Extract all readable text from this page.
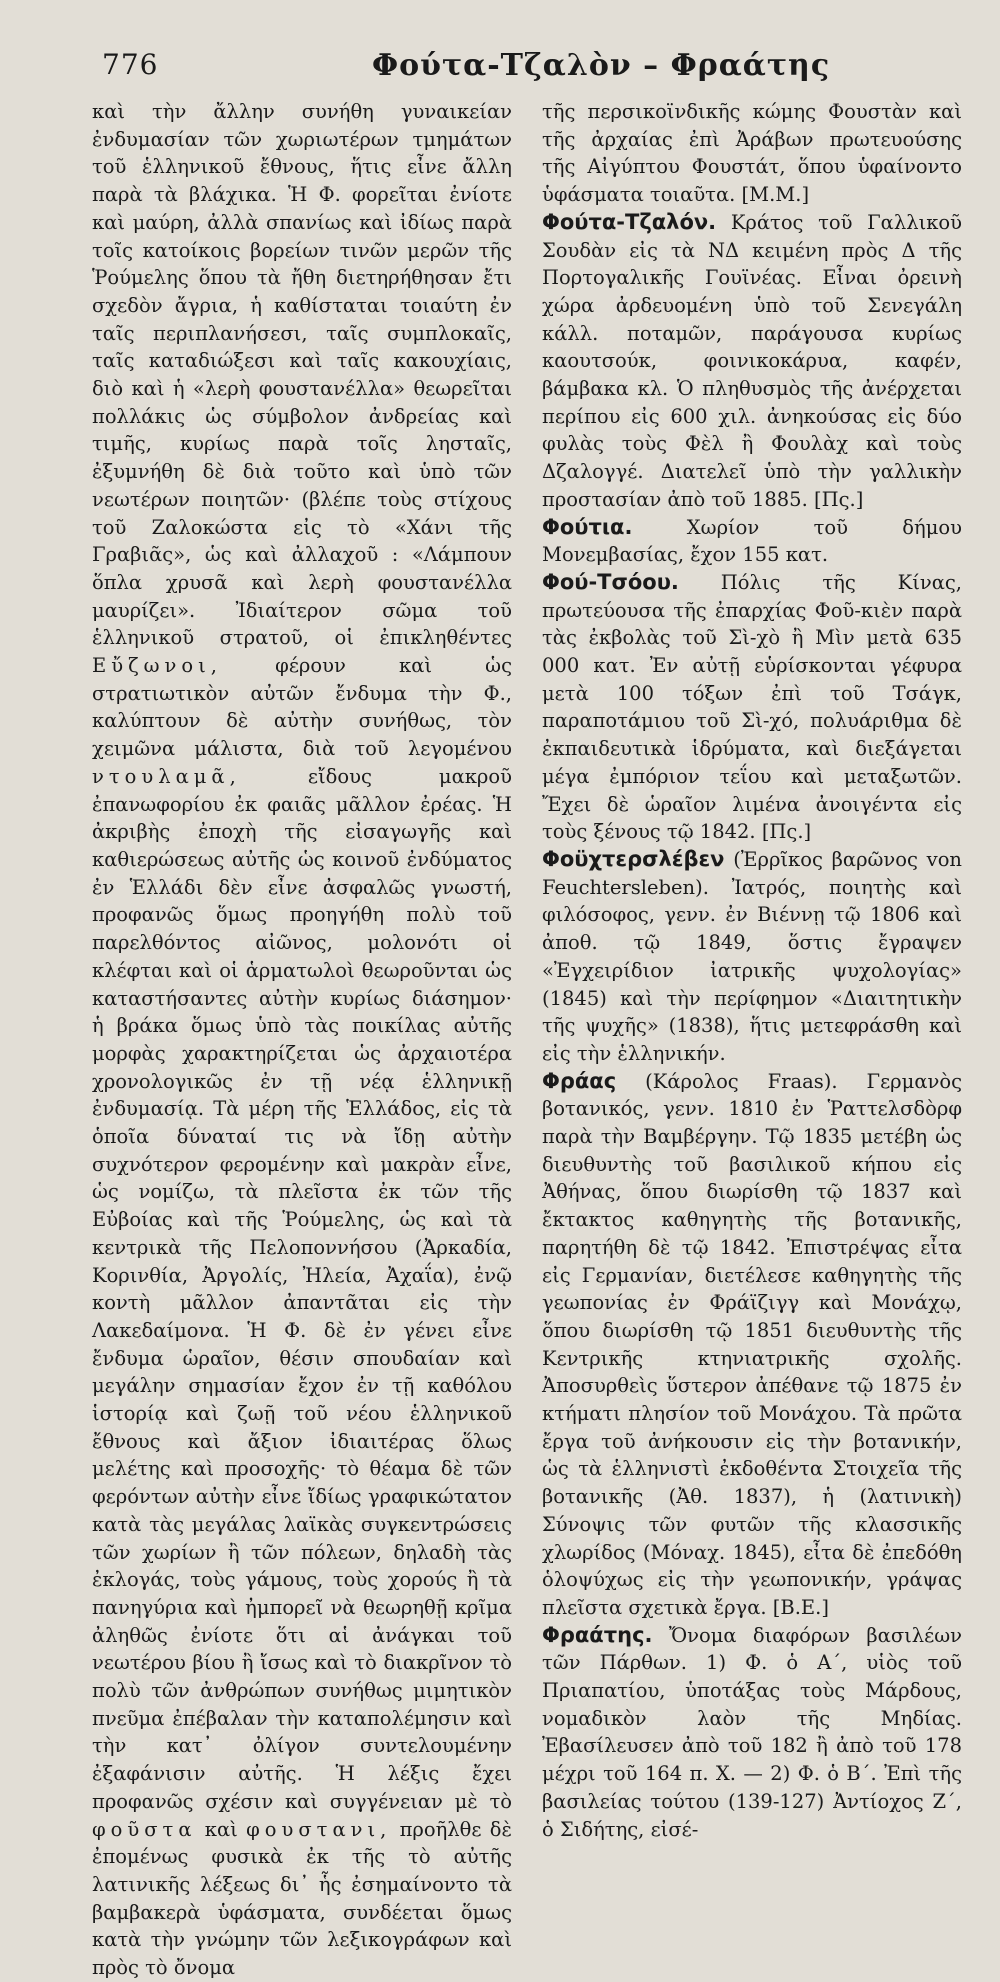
776	Φούτα-Τζαλὸν – Φραάτης

καὶ τὴν ἄλλην συνήθη γυναικείαν ἐνδυμασίαν τῶν χωριωτέρων τμημάτων τοῦ ἑλληνικοῦ ἔθνους, ἥτις εἶνε ἄλλη παρὰ τὰ βλάχικα. Ἡ Φ. φορεῖται ἐνίοτε καὶ μαύρη, ἀλλὰ σπανίως καὶ ἰδίως παρὰ τοῖς κατοίκοις βορείων τινῶν μερῶν τῆς Ῥούμελης ὅπου τὰ ἤθη διετηρήθησαν ἔτι σχεδὸν ἄγρια, ἡ καθίσταται τοιαύτη ἐν ταῖς περιπλανήσεσι, ταῖς συμπλοκαῖς, ταῖς καταδιώξεσι καὶ ταῖς κακουχίαις, διὸ καὶ ἡ «λερὴ φουστανέλλα» θεωρεῖται πολλάκις ὡς σύμβολον ἀνδρείας καὶ τιμῆς, κυρίως παρὰ τοῖς λησταῖς, ἐξυμνήθη δὲ διὰ τοῦτο καὶ ὑπὸ τῶν νεωτέρων ποιητῶν· (βλέπε τοὺς στίχους τοῦ Ζαλοκώστα εἰς τὸ «Χάνι τῆς Γραβιᾶς», ὡς καὶ ἀλλαχοῦ : «Λάμπουν ὅπλα χρυσᾶ καὶ λερὴ φουστανέλλα μαυρίζει». Ἰδιαίτερον σῶμα τοῦ ἑλληνικοῦ στρατοῦ, οἱ ἐπικληθέντες Εὔζωνοι,	φέρουν καὶ ὡς στρατιωτικὸν αὐτῶν ἔνδυμα τὴν Φ., καλύπτουν δὲ αὐτὴν συνήθως, τὸν χειμῶνα μάλιστα, διὰ τοῦ λεγομένου ντουλαμᾶ,	εἴδους μακροῦ ἐπανωφορίου ἐκ φαιᾶς μᾶλλον ἐρέας. Ἡ ἀκριβὴς ἐποχὴ τῆς εἰσαγωγῆς καὶ καθιερώσεως αὐτῆς ὡς κοινοῦ ἐνδύματος ἐν Ἑλλάδι δὲν εἶνε ἀσφαλῶς γνωστή, προφανῶς ὅμως προηγήθη πολὺ τοῦ παρελθόντος αἰῶνος, μολονότι οἱ κλέφται καὶ οἱ ἁρματωλοὶ θεωροῦνται ὡς καταστήσαντες αὐτὴν κυρίως διάσημον· ἡ βράκα ὅμως ὑπὸ τὰς ποικίλας αὐτῆς μορφὰς χαρακτηρίζεται ὡς ἀρχαιοτέρα χρονολογικῶς ἐν τῇ νέᾳ ἑλληνικῇ ἐνδυμασίᾳ. Τὰ μέρη τῆς Ἑλλάδος, εἰς τὰ ὁποῖα δύναταί τις νὰ ἴδῃ αὐτὴν συχνότερον φερομένην καὶ μακρὰν εἶνε, ὡς νομίζω, τὰ πλεῖστα ἐκ τῶν τῆς Εὐβοίας καὶ τῆς Ῥούμελης, ὡς καὶ τὰ κεντρικὰ τῆς Πελοποννήσου (Ἀρκαδία, Κορινθία, Ἀργολίς, Ἠλεία, Ἀχαΐα), ἐνῷ κοντὴ μᾶλλον ἀπαντᾶται εἰς τὴν Λακεδαίμονα. Ἡ Φ. δὲ ἐν γένει εἶνε ἔνδυμα ὡραῖον, θέσιν σπουδαίαν καὶ μεγάλην σημασίαν ἔχον ἐν τῇ καθόλου ἱστορίᾳ καὶ ζωῇ τοῦ νέου ἑλληνικοῦ ἔθνους καὶ ἄξιον ἰδιαιτέρας ὅλως μελέτης καὶ προσοχῆς· τὸ θέαμα δὲ τῶν φερόντων αὐτὴν εἶνε ἴδίως γραφικώτατον κατὰ τὰς μεγάλας λαϊκὰς συγκεντρώσεις τῶν χωρίων ἢ τῶν πόλεων, δηλαδὴ τὰς ἐκλογάς, τοὺς γάμους, τοὺς χορούς ἢ τὰ πανηγύρια καὶ ἠμπορεῖ νὰ θεωρηθῇ κρῖμα ἀληθῶς ἐνίοτε ὅτι αἱ ἀνάγκαι τοῦ νεωτέρου βίου ἢ ἴσως καὶ τὸ διακρῖνον τὸ πολὺ τῶν ἀνθρώπων συνήθως μιμητικὸν πνεῦμα ἐπέβαλαν τὴν καταπολέμησιν καὶ τὴν κατ᾽ ὀλίγον συντελουμένην ἐξαφάνισιν αὐτῆς. Ἡ λέξις ἔχει προφανῶς σχέσιν καὶ συγγένειαν μὲ τὸ φοῦστα καὶ φουστανι, προῆλθε δὲ ἐπομένως φυσικὰ ἐκ τῆς τὸ αὐτῆς λατινικῆς λέξεως δι᾽ ἧς ἐσημαίνοντο τὰ βαμβακερὰ ὑφάσματα, συνδέεται ὅμως κατὰ τὴν γνώμην τῶν λεξικογράφων καὶ πρὸς τὸ ὄνομα

τῆς περσικοϊνδικῆς κώμης Φουστὰν καὶ τῆς ἀρχαίας ἐπὶ Ἀράβων πρωτευούσης τῆς Αἰγύπτου Φουστάτ, ὅπου ὑφαίνοντο ὑφάσματα τοιαῦτα. [Μ.Μ.]

Φούτα-Τζαλόν. Κράτος τοῦ Γαλλικοῦ Σουδὰν εἰς τὰ ΝΔ κειμένη πρὸς Δ τῆς Πορτογαλικῆς Γουϊνέας. Εἶναι ὀρεινὴ χώρα ἀρδευομένη ὑπὸ τοῦ Σενεγάλη κάλλ. ποταμῶν, παράγουσα κυρίως καουτσούκ, φοινικοκάρυα, καφέν, βάμβακα κλ. Ὁ πληθυσμὸς τῆς ἀνέρχεται περίπου εἰς 600 χιλ. ἀνηκούσας εἰς δύο φυλὰς τοὺς Φὲλ ἢ Φουλὰχ καὶ τοὺς Δζαλογγέ. Διατελεῖ ὑπὸ τὴν γαλλικὴν προστασίαν ἀπὸ τοῦ 1885. [Πς.]

Φούτια.	Χωρίον τοῦ δήμου Μονεμβασίας, ἔχον 155 κατ.

Φού-Τσόου. Πόλις τῆς Κίνας, πρωτεύουσα τῆς ἐπαρχίας Φοῦ-κιὲν παρὰ τὰς ἐκβολὰς τοῦ Σὶ-χὸ ἢ Μὶν μετὰ 635 000 κατ. Ἐν αὐτῇ εὑρίσκονται γέφυρα μετὰ 100 τόξων ἐπὶ τοῦ Τσάγκ, παραποτάμιου τοῦ Σὶ-χό, πολυάριθμα δὲ ἐκπαιδευτικὰ ἱδρύματα, καὶ διεξάγεται μέγα ἐμπόριον τεΐου καὶ μεταξωτῶν. Ἔχει δὲ ὡραῖον λιμένα ἀνοιγέντα εἰς τοὺς ξένους τῷ 1842. [Πς.]

Φοϋχτερσλέβεν (Ἐρρῖκος βαρῶνος von Feuchtersleben). Ἰατρός, ποιητὴς καὶ φιλόσοφος, γενν. ἐν Βιέννῃ τῷ 1806 καὶ ἀποθ. τῷ 1849, ὅστις ἔγραψεν «Ἐγχειρίδιον ἰατρικῆς ψυχολογίας» (1845) καὶ τὴν περίφημον «Διαιτητικὴν τῆς ψυχῆς» (1838), ἥτις μετεφράσθη καὶ εἰς τὴν ἑλληνικήν.

Φράας (Κάρολος Fraas). Γερμανὸς βοτανικός, γενν. 1810 ἐν Ῥαττελσδὸρφ παρὰ τὴν Βαμβέργην. Τῷ 1835 μετέβη ὡς διευθυντὴς τοῦ βασιλικοῦ κήπου εἰς Ἀθήνας, ὅπου διωρίσθη τῷ 1837 καὶ ἔκτακτος καθηγητὴς τῆς βοτανικῆς, παρητήθη δὲ τῷ 1842. Ἐπιστρέψας εἶτα εἰς Γερμανίαν, διετέλεσε καθηγητὴς τῆς γεωπονίας ἐν Φράϊζιγγ καὶ Μονάχῳ, ὅπου διωρίσθη τῷ 1851 διευθυντὴς τῆς Κεντρικῆς κτηνιατρικῆς σχολῆς. Ἀποσυρθεὶς ὕστερον ἀπέθανε τῷ 1875 ἐν κτήματι πλησίον τοῦ Μονάχου. Τὰ πρῶτα ἔργα τοῦ ἀνήκουσιν εἰς τὴν βοτανικήν, ὡς τὰ ἑλληνιστὶ ἐκδοθέντα Στοιχεῖα τῆς βοτανικῆς (Ἀθ. 1837), ἡ (λατινικὴ) Σύνοψις τῶν φυτῶν τῆς κλασσικῆς χλωρίδος (Μόναχ. 1845), εἶτα δὲ ἐπεδόθη ὁλοψύχως εἰς τὴν γεωπονικήν, γράψας πλεῖστα σχετικὰ ἔργα. [Β.Ε.]

Φραάτης. Ὄνομα διαφόρων βασιλέων τῶν Πάρθων. 1) Φ. ὁ Α΄, υἱὸς τοῦ Πριαπατίου, ὑποτάξας τοὺς Μάρδους, νομαδικὸν λαὸν τῆς Μηδίας. Ἐβασίλευσεν ἀπὸ τοῦ 182 ἢ ἀπὸ τοῦ 178 μέχρι τοῦ 164 π. Χ. — 2) Φ. ὁ Β΄. Ἐπὶ τῆς βασιλείας τούτου (139-127) Ἀντίοχος Ζ΄, ὁ Σιδήτης, εἰσέ-
